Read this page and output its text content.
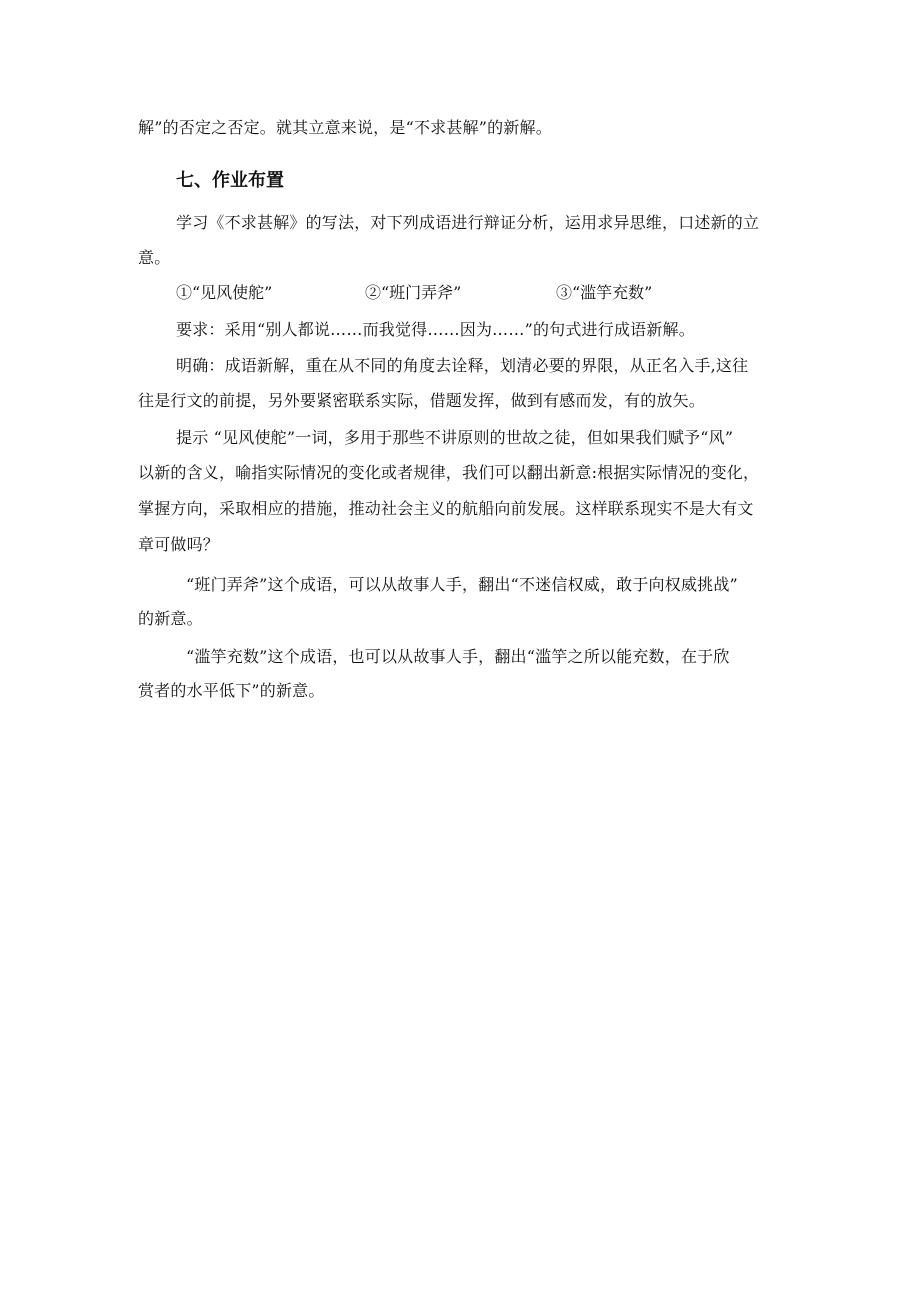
解”的否定之否定。就其立意来说，是“不求甚解”的新解。
七、作业布置
学习《不求甚解》的写法，对下列成语进行辩证分析，运用求异思维，口述新的立
意。
①“见风使舵”	②“班门弄斧”	③“滥竽充数”
要求：采用“别人都说……而我觉得……因为……”的句式进行成语新解。
明确：成语新解，重在从不同的角度去诠释，划清必要的界限，从正名入手,这往
往是行文的前提，另外要紧密联系实际，借题发挥，做到有感而发，有的放矢。
提示 “见风使舵”一词，多用于那些不讲原则的世故之徒，但如果我们赋予“风”
以新的含义，喻指实际情况的变化或者规律，我们可以翻出新意:根据实际情况的变化，
掌握方向，采取相应的措施，推动社会主义的航船向前发展。这样联系现实不是大有文
章可做吗？
“班门弄斧”这个成语，可以从故事人手，翻出“不迷信权威，敢于向权威挑战”
的新意。
“滥竽充数”这个成语，也可以从故事人手，翻出“滥竽之所以能充数，在于欣
赏者的水平低下”的新意。
